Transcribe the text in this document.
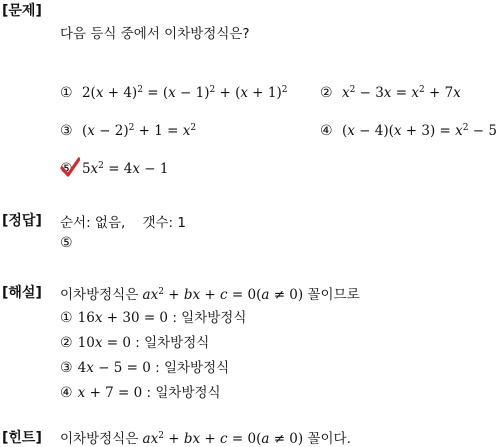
[문제]
다음 등식 중에서 이차방정식은?
①  $2(x + 4)^2 = (x - 1)^2 + (x + 1)^2$ ② $x^2 - 3x = x^2 + 7x$
③  $(x - 2)^2 + 1 = x^2$	④  $(x - 4)(x + 3) = x^2 - 5$
⑤  $5x^2 = 4x - 1$
[정답] 순서: 없음,    갯수: 1
⑤
[해설] 이차방정식은 $ax^2$ + bx + c = 0(a ≠ 0) 꼴이므로
① 16x + 30 = 0 : 일차방정식
② 10x = 0 : 일차방정식
③ 4x − 5 = 0 : 일차방정식
④ x + 7 = 0 : 일차방정식
[힌트] 이차방정식은 $ax^2$ + bx + c = 0(a ≠ 0) 꼴이다.
